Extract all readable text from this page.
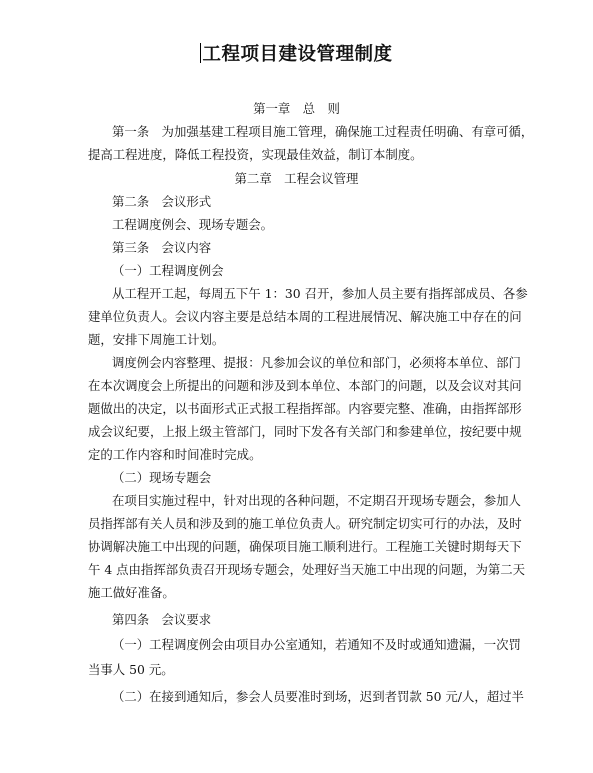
工程项目建设管理制度
第一章　总　则
第一条　为加强基建工程项目施工管理，确保施工过程责任明确、有章可循，
提高工程进度，降低工程投资，实现最佳效益，制订本制度。
第二章　工程会议管理
第二条　会议形式
工程调度例会、现场专题会。
第三条　会议内容
（一）工程调度例会
从工程开工起，每周五下午 1：30 召开，参加人员主要有指挥部成员、各参
建单位负责人。会议内容主要是总结本周的工程进展情况、解决施工中存在的问
题，安排下周施工计划。
调度例会内容整理、提报：凡参加会议的单位和部门，必须将本单位、部门
在本次调度会上所提出的问题和涉及到本单位、本部门的问题，以及会议对其问
题做出的决定，以书面形式正式报工程指挥部。内容要完整、准确，由指挥部形
成会议纪要，上报上级主管部门，同时下发各有关部门和参建单位，按纪要中规
定的工作内容和时间准时完成。
（二）现场专题会
在项目实施过程中，针对出现的各种问题，不定期召开现场专题会，参加人
员指挥部有关人员和涉及到的施工单位负责人。研究制定切实可行的办法，及时
协调解决施工中出现的问题，确保项目施工顺利进行。工程施工关键时期每天下
午 4 点由指挥部负责召开现场专题会，处理好当天施工中出现的问题，为第二天
施工做好准备。
第四条　会议要求
（一）工程调度例会由项目办公室通知，若通知不及时或通知遗漏，一次罚
当事人 50 元。
（二）在接到通知后，参会人员要准时到场，迟到者罚款 50 元/人，超过半
